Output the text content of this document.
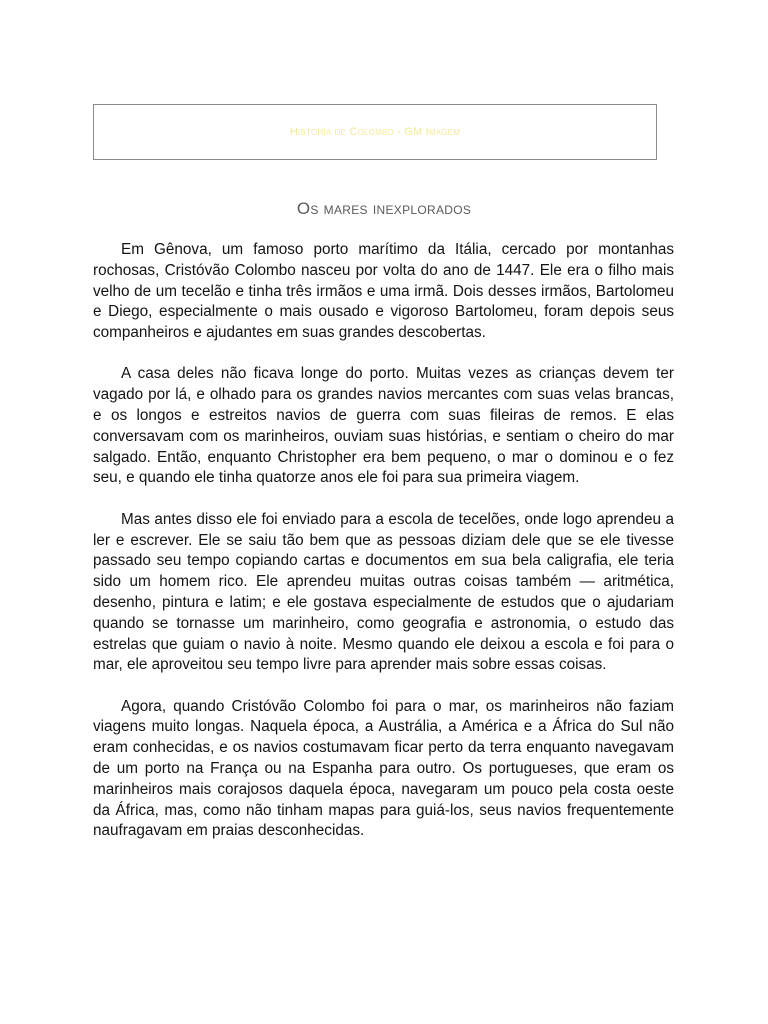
História de Colombo - GM Imagem
Os mares inexplorados

Em Gênova, um famoso porto marítimo da Itália, cercado por montanhas rochosas, Cristóvão Colombo nasceu por volta do ano de 1447. Ele era o filho mais velho de um tecelão e tinha três irmãos e uma irmã. Dois desses irmãos, Bartolomeu e Diego, especialmente o mais ousado e vigoroso Bartolomeu, foram depois seus companheiros e ajudantes em suas grandes descobertas.

A casa deles não ficava longe do porto. Muitas vezes as crianças devem ter vagado por lá, e olhado para os grandes navios mercantes com suas velas brancas, e os longos e estreitos navios de guerra com suas fileiras de remos. E elas conversavam com os marinheiros, ouviam suas histórias, e sentiam o cheiro do mar salgado. Então, enquanto Christopher era bem pequeno, o mar o dominou e o fez seu, e quando ele tinha quatorze anos ele foi para sua primeira viagem.

Mas antes disso ele foi enviado para a escola de tecelões, onde logo aprendeu a ler e escrever. Ele se saiu tão bem que as pessoas diziam dele que se ele tivesse passado seu tempo copiando cartas e documentos em sua bela caligrafia, ele teria sido um homem rico. Ele aprendeu muitas outras coisas também — aritmética, desenho, pintura e latim; e ele gostava especialmente de estudos que o ajudariam quando se tornasse um marinheiro, como geografia e astronomia, o estudo das estrelas que guiam o navio à noite. Mesmo quando ele deixou a escola e foi para o mar, ele aproveitou seu tempo livre para aprender mais sobre essas coisas.

Agora, quando Cristóvão Colombo foi para o mar, os marinheiros não faziam viagens muito longas. Naquela época, a Austrália, a América e a África do Sul não eram conhecidas, e os navios costumavam ficar perto da terra enquanto navegavam de um porto na França ou na Espanha para outro. Os portugueses, que eram os marinheiros mais corajosos daquela época, navegaram um pouco pela costa oeste da África, mas, como não tinham mapas para guiá-los, seus navios frequentemente naufragavam em praias desconhecidas.
